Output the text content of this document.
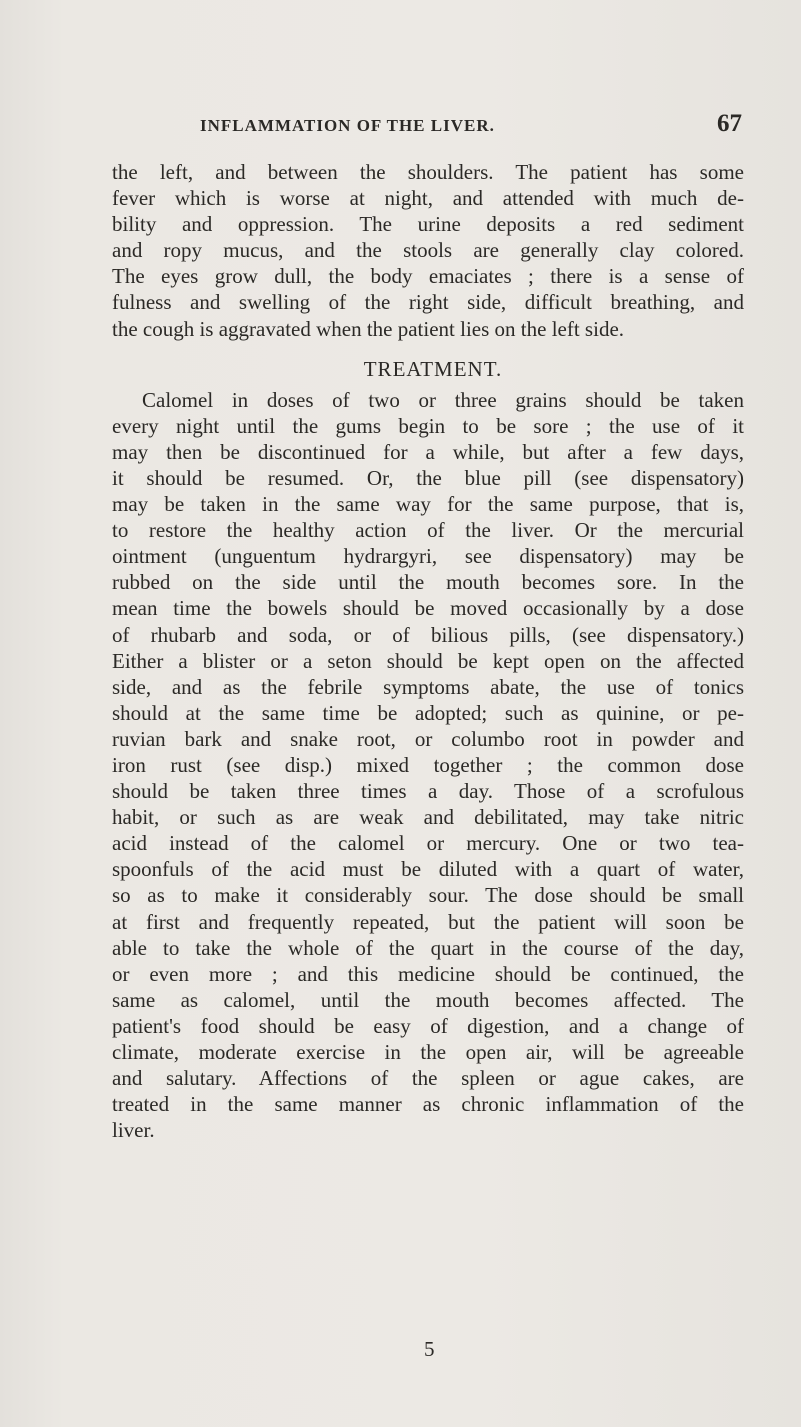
INFLAMMATION OF THE LIVER.	67
the left, and between the shoulders. The patient has some
fever which is worse at night, and attended with much de-
bility and oppression. The urine deposits a red sediment
and ropy mucus, and the stools are generally clay colored.
The eyes grow dull, the body emaciates ; there is a sense of
fulness and swelling of the right side, difficult breathing, and
the cough is aggravated when the patient lies on the left side.
TREATMENT.
Calomel in doses of two or three grains should be taken
every night until the gums begin to be sore ; the use of it
may then be discontinued for a while, but after a few days,
it should be resumed. Or, the blue pill (see dispensatory)
may be taken in the same way for the same purpose, that is,
to restore the healthy action of the liver. Or the mercurial
ointment (unguentum hydrargyri, see dispensatory) may be
rubbed on the side until the mouth becomes sore. In the
mean time the bowels should be moved occasionally by a dose
of rhubarb and soda, or of bilious pills, (see dispensatory.)
Either a blister or a seton should be kept open on the affected
side, and as the febrile symptoms abate, the use of tonics
should at the same time be adopted; such as quinine, or pe-
ruvian bark and snake root, or columbo root in powder and
iron rust (see disp.) mixed together ; the common dose
should be taken three times a day. Those of a scrofulous
habit, or such as are weak and debilitated, may take nitric
acid instead of the calomel or mercury. One or two tea-
spoonfuls of the acid must be diluted with a quart of water,
so as to make it considerably sour. The dose should be small
at first and frequently repeated, but the patient will soon be
able to take the whole of the quart in the course of the day,
or even more ; and this medicine should be continued, the
same as calomel, until the mouth becomes affected. The
patient's food should be easy of digestion, and a change of
climate, moderate exercise in the open air, will be agreeable
and salutary. Affections of the spleen or ague cakes, are
treated in the same manner as chronic inflammation of the
liver.
5
